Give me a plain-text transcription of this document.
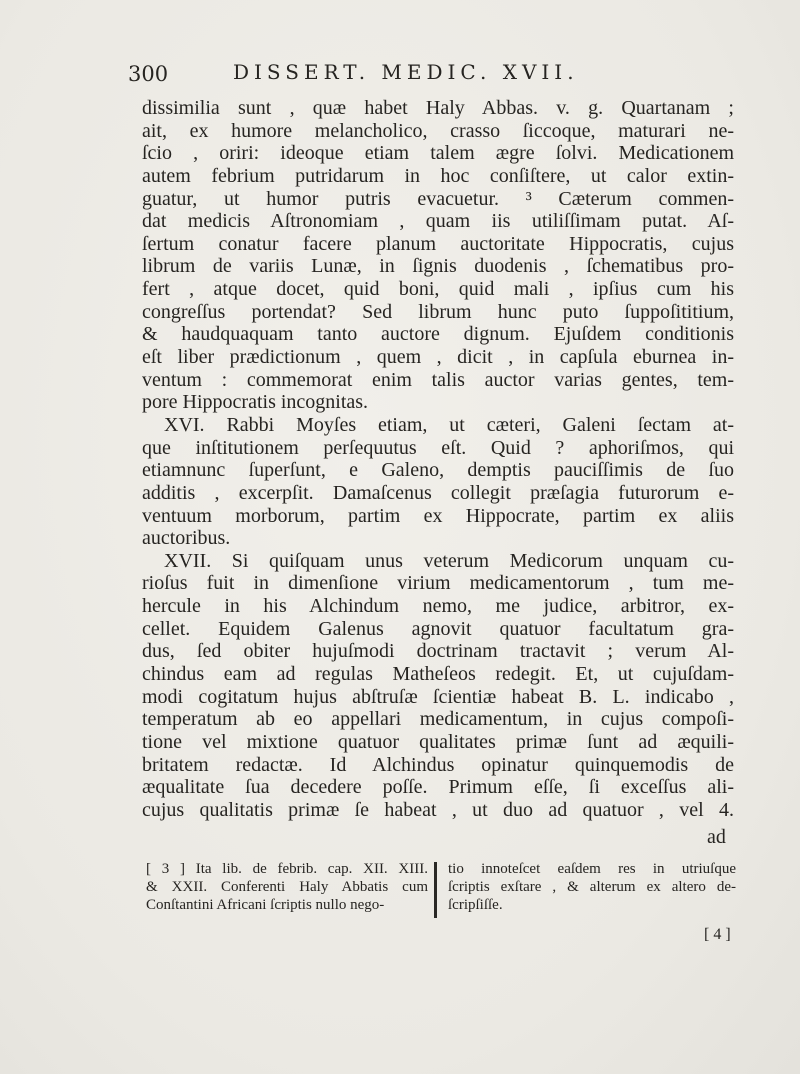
300	DISSERT. MEDIC. XVII.
dissimilia sunt , quæ habet Haly Abbas. v. g. Quartanam ;
ait, ex humore melancholico, crasso ſiccoque, maturari ne-
ſcio , oriri: ideoque etiam talem ægre ſolvi. Medicationem
autem febrium putridarum in hoc conſiſtere, ut calor extin-
guatur, ut humor putris evacuetur. ³ Cæterum commen-
dat medicis Aſtronomiam , quam iis utiliſſimam putat. Aſ-
ſertum conatur facere planum auctoritate Hippocratis, cujus
librum de variis Lunæ, in ſignis duodenis , ſchematibus pro-
fert , atque docet, quid boni, quid mali , ipſius cum his
congreſſus portendat? Sed librum hunc puto ſuppoſititium,
& haudquaquam tanto auctore dignum. Ejuſdem conditionis
eſt liber prædictionum , quem , dicit , in capſula eburnea in-
ventum : commemorat enim talis auctor varias gentes, tem-
pore Hippocratis incognitas.
XVI. Rabbi Moyſes etiam, ut cæteri, Galeni ſectam at-
que inſtitutionem perſequutus eſt. Quid ? aphoriſmos, qui
etiamnunc ſuperſunt, e Galeno, demptis pauciſſimis de ſuo
additis , excerpſit. Damaſcenus collegit præſagia futurorum e-
ventuum morborum, partim ex Hippocrate, partim ex aliis
auctoribus.
XVII. Si quiſquam unus veterum Medicorum unquam cu-
rioſus fuit in dimenſione virium medicamentorum , tum me-
hercule in his Alchindum nemo, me judice, arbitror, ex-
cellet. Equidem Galenus agnovit quatuor facultatum gra-
dus, ſed obiter hujuſmodi doctrinam tractavit ; verum Al-
chindus eam ad regulas Matheſeos redegit. Et, ut cujuſdam-
modi cogitatum hujus abſtruſæ ſcientiæ habeat B. L. indicabo ,
temperatum ab eo appellari medicamentum, in cujus compoſi-
tione vel mixtione quatuor qualitates primæ ſunt ad æquili-
britatem redactæ. Id Alchindus opinatur quinquemodis de
æqualitate ſua decedere poſſe. Primum eſſe, ſi exceſſus ali-
cujus qualitatis primæ ſe habeat , ut duo ad quatuor , vel 4.
ad
[ 3 ] Ita lib. de febrib. cap. XII. XIII.
& XXII. Conferenti Haly Abbatis cum
Conſtantini Africani ſcriptis nullo nego-
tio innoteſcet eaſdem res in utriuſque
ſcriptis exſtare , & alterum ex altero de-
ſcripſiſſe.
[ 4 ]
